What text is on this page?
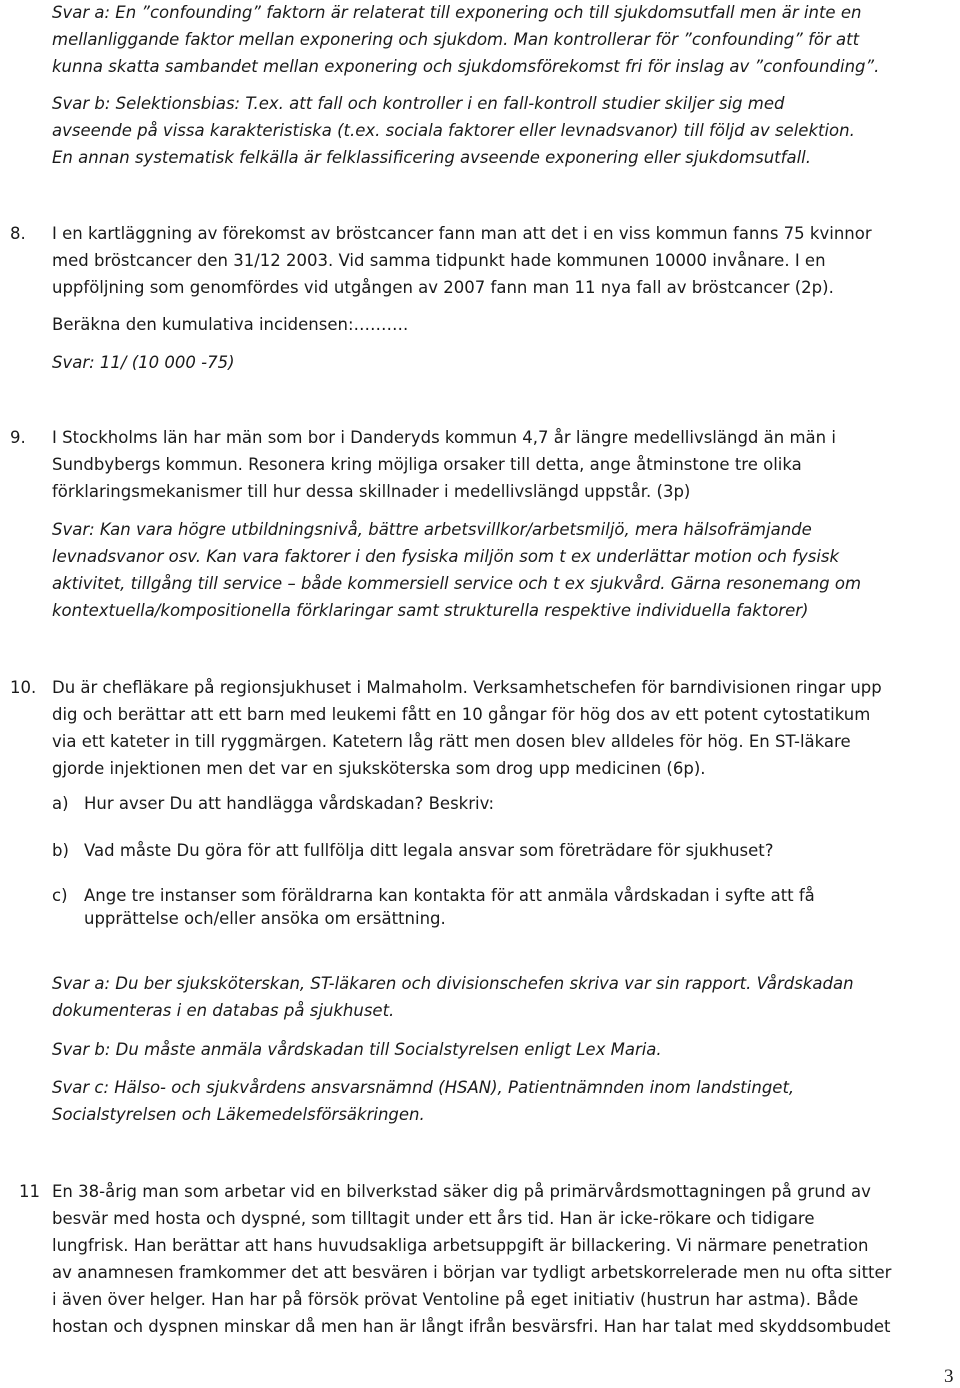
Svar a: En ”confounding” faktorn är relaterat till exponering och till sjukdomsutfall men är inte en
mellanliggande faktor mellan exponering och sjukdom. Man kontrollerar för ”confounding” för att
kunna skatta sambandet mellan exponering och sjukdomsförekomst fri för inslag av ”confounding”.
Svar b: Selektionsbias: T.ex. att fall och kontroller i en fall-kontroll studier skiljer sig med
avseende på vissa karakteristiska (t.ex. sociala faktorer eller levnadsvanor) till följd av selektion.
En annan systematisk felkälla är felklassificering avseende exponering eller sjukdomsutfall.
8. I en kartläggning av förekomst av bröstcancer fann man att det i en viss kommun fanns 75 kvinnor
med bröstcancer den 31/12 2003. Vid samma tidpunkt hade kommunen 10000 invånare. I en
uppföljning som genomfördes vid utgången av 2007 fann man 11 nya fall av bröstcancer (2p).
Beräkna den kumulativa incidensen:……….
Svar: 11/ (10 000 -75)
9. I Stockholms län har män som bor i Danderyds kommun 4,7 år längre medellivslängd än män i
Sundbybergs kommun. Resonera kring möjliga orsaker till detta, ange åtminstone tre olika
förklaringsmekanismer till hur dessa skillnader i medellivslängd uppstår. (3p)
Svar: Kan vara högre utbildningsnivå, bättre arbetsvillkor/arbetsmiljö, mera hälsofrämjande
levnadsvanor osv. Kan vara faktorer i den fysiska miljön som t ex underlättar motion och fysisk
aktivitet, tillgång till service – både kommersiell service och t ex sjukvård. Gärna resonemang om
kontextuella/kompositionella förklaringar samt strukturella respektive individuella faktorer)
10. Du är chefläkare på regionsjukhuset i Malmaholm. Verksamhetschefen för barndivisionen ringar upp
dig och berättar att ett barn med leukemi fått en 10 gångar för hög dos av ett potent cytostatikum
via ett kateter in till ryggmärgen. Katetern låg rätt men dosen blev alldeles för hög. En ST-läkare
gjorde injektionen men det var en sjuksköterska som drog upp medicinen (6p).
a) Hur avser Du att handlägga vårdskadan? Beskriv:
b) Vad måste Du göra för att fullfölja ditt legala ansvar som företrädare för sjukhuset?
c) Ange tre instanser som föräldrarna kan kontakta för att anmäla vårdskadan i syfte att få
upprättelse och/eller ansöka om ersättning.
Svar a: Du ber sjuksköterskan, ST-läkaren och divisionschefen skriva var sin rapport. Vårdskadan
dokumenteras i en databas på sjukhuset.
Svar b: Du måste anmäla vårdskadan till Socialstyrelsen enligt Lex Maria.
Svar c: Hälso- och sjukvårdens ansvarsnämnd (HSAN), Patientnämnden inom landstinget,
Socialstyrelsen och Läkemedelsförsäkringen.
11 En 38-årig man som arbetar vid en bilverkstad säker dig på primärvårdsmottagningen på grund av
besvär med hosta och dyspné, som tilltagit under ett års tid. Han är icke-rökare och tidigare
lungfrisk. Han berättar att hans huvudsakliga arbetsuppgift är billackering. Vi närmare penetration
av anamnesen framkommer det att besvären i början var tydligt arbetskorrelerade men nu ofta sitter
i även över helger. Han har på försök prövat Ventoline på eget initiativ (hustrun har astma). Både
hostan och dyspnen minskar då men han är långt ifrån besvärsfri. Han har talat med skyddsombudet
3
